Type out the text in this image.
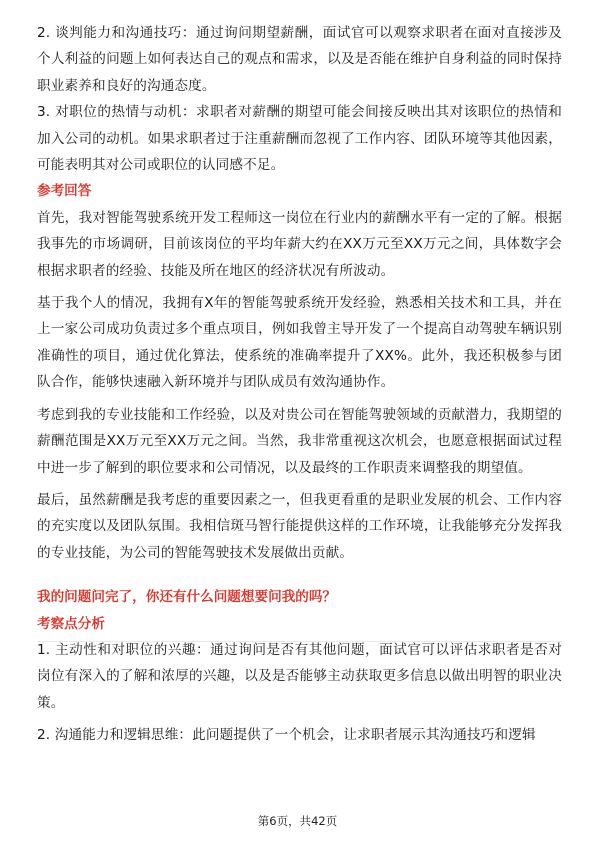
2. 谈判能力和沟通技巧：通过询问期望薪酬，面试官可以观察求职者在面对直接涉及个人利益的问题上如何表达自己的观点和需求，以及是否能在维护自身利益的同时保持职业素养和良好的沟通态度。

3. 对职位的热情与动机：求职者对薪酬的期望可能会间接反映出其对该职位的热情和加入公司的动机。如果求职者过于注重薪酬而忽视了工作内容、团队环境等其他因素，可能表明其对公司或职位的认同感不足。

参考回答

首先，我对智能驾驶系统开发工程师这一岗位在行业内的薪酬水平有一定的了解。根据我事先的市场调研，目前该岗位的平均年薪大约在XX万元至XX万元之间，具体数字会根据求职者的经验、技能及所在地区的经济状况有所波动。

基于我个人的情况，我拥有X年的智能驾驶系统开发经验，熟悉相关技术和工具，并在上一家公司成功负责过多个重点项目，例如我曾主导开发了一个提高自动驾驶车辆识别准确性的项目，通过优化算法，使系统的准确率提升了XX%。此外，我还积极参与团队合作，能够快速融入新环境并与团队成员有效沟通协作。

考虑到我的专业技能和工作经验，以及对贵公司在智能驾驶领域的贡献潜力，我期望的薪酬范围是XX万元至XX万元之间。当然，我非常重视这次机会，也愿意根据面试过程中进一步了解到的职位要求和公司情况，以及最终的工作职责来调整我的期望值。

最后，虽然薪酬是我考虑的重要因素之一，但我更看重的是职业发展的机会、工作内容的充实度以及团队氛围。我相信斑马智行能提供这样的工作环境，让我能够充分发挥我的专业技能，为公司的智能驾驶技术发展做出贡献。

我的问题问完了，你还有什么问题想要问我的吗？
考察点分析

1. 主动性和对职位的兴趣：通过询问是否有其他问题，面试官可以评估求职者是否对岗位有深入的了解和浓厚的兴趣，以及是否能够主动获取更多信息以做出明智的职业决策。

2. 沟通能力和逻辑思维：此问题提供了一个机会，让求职者展示其沟通技巧和逻辑

第6页，共42页
